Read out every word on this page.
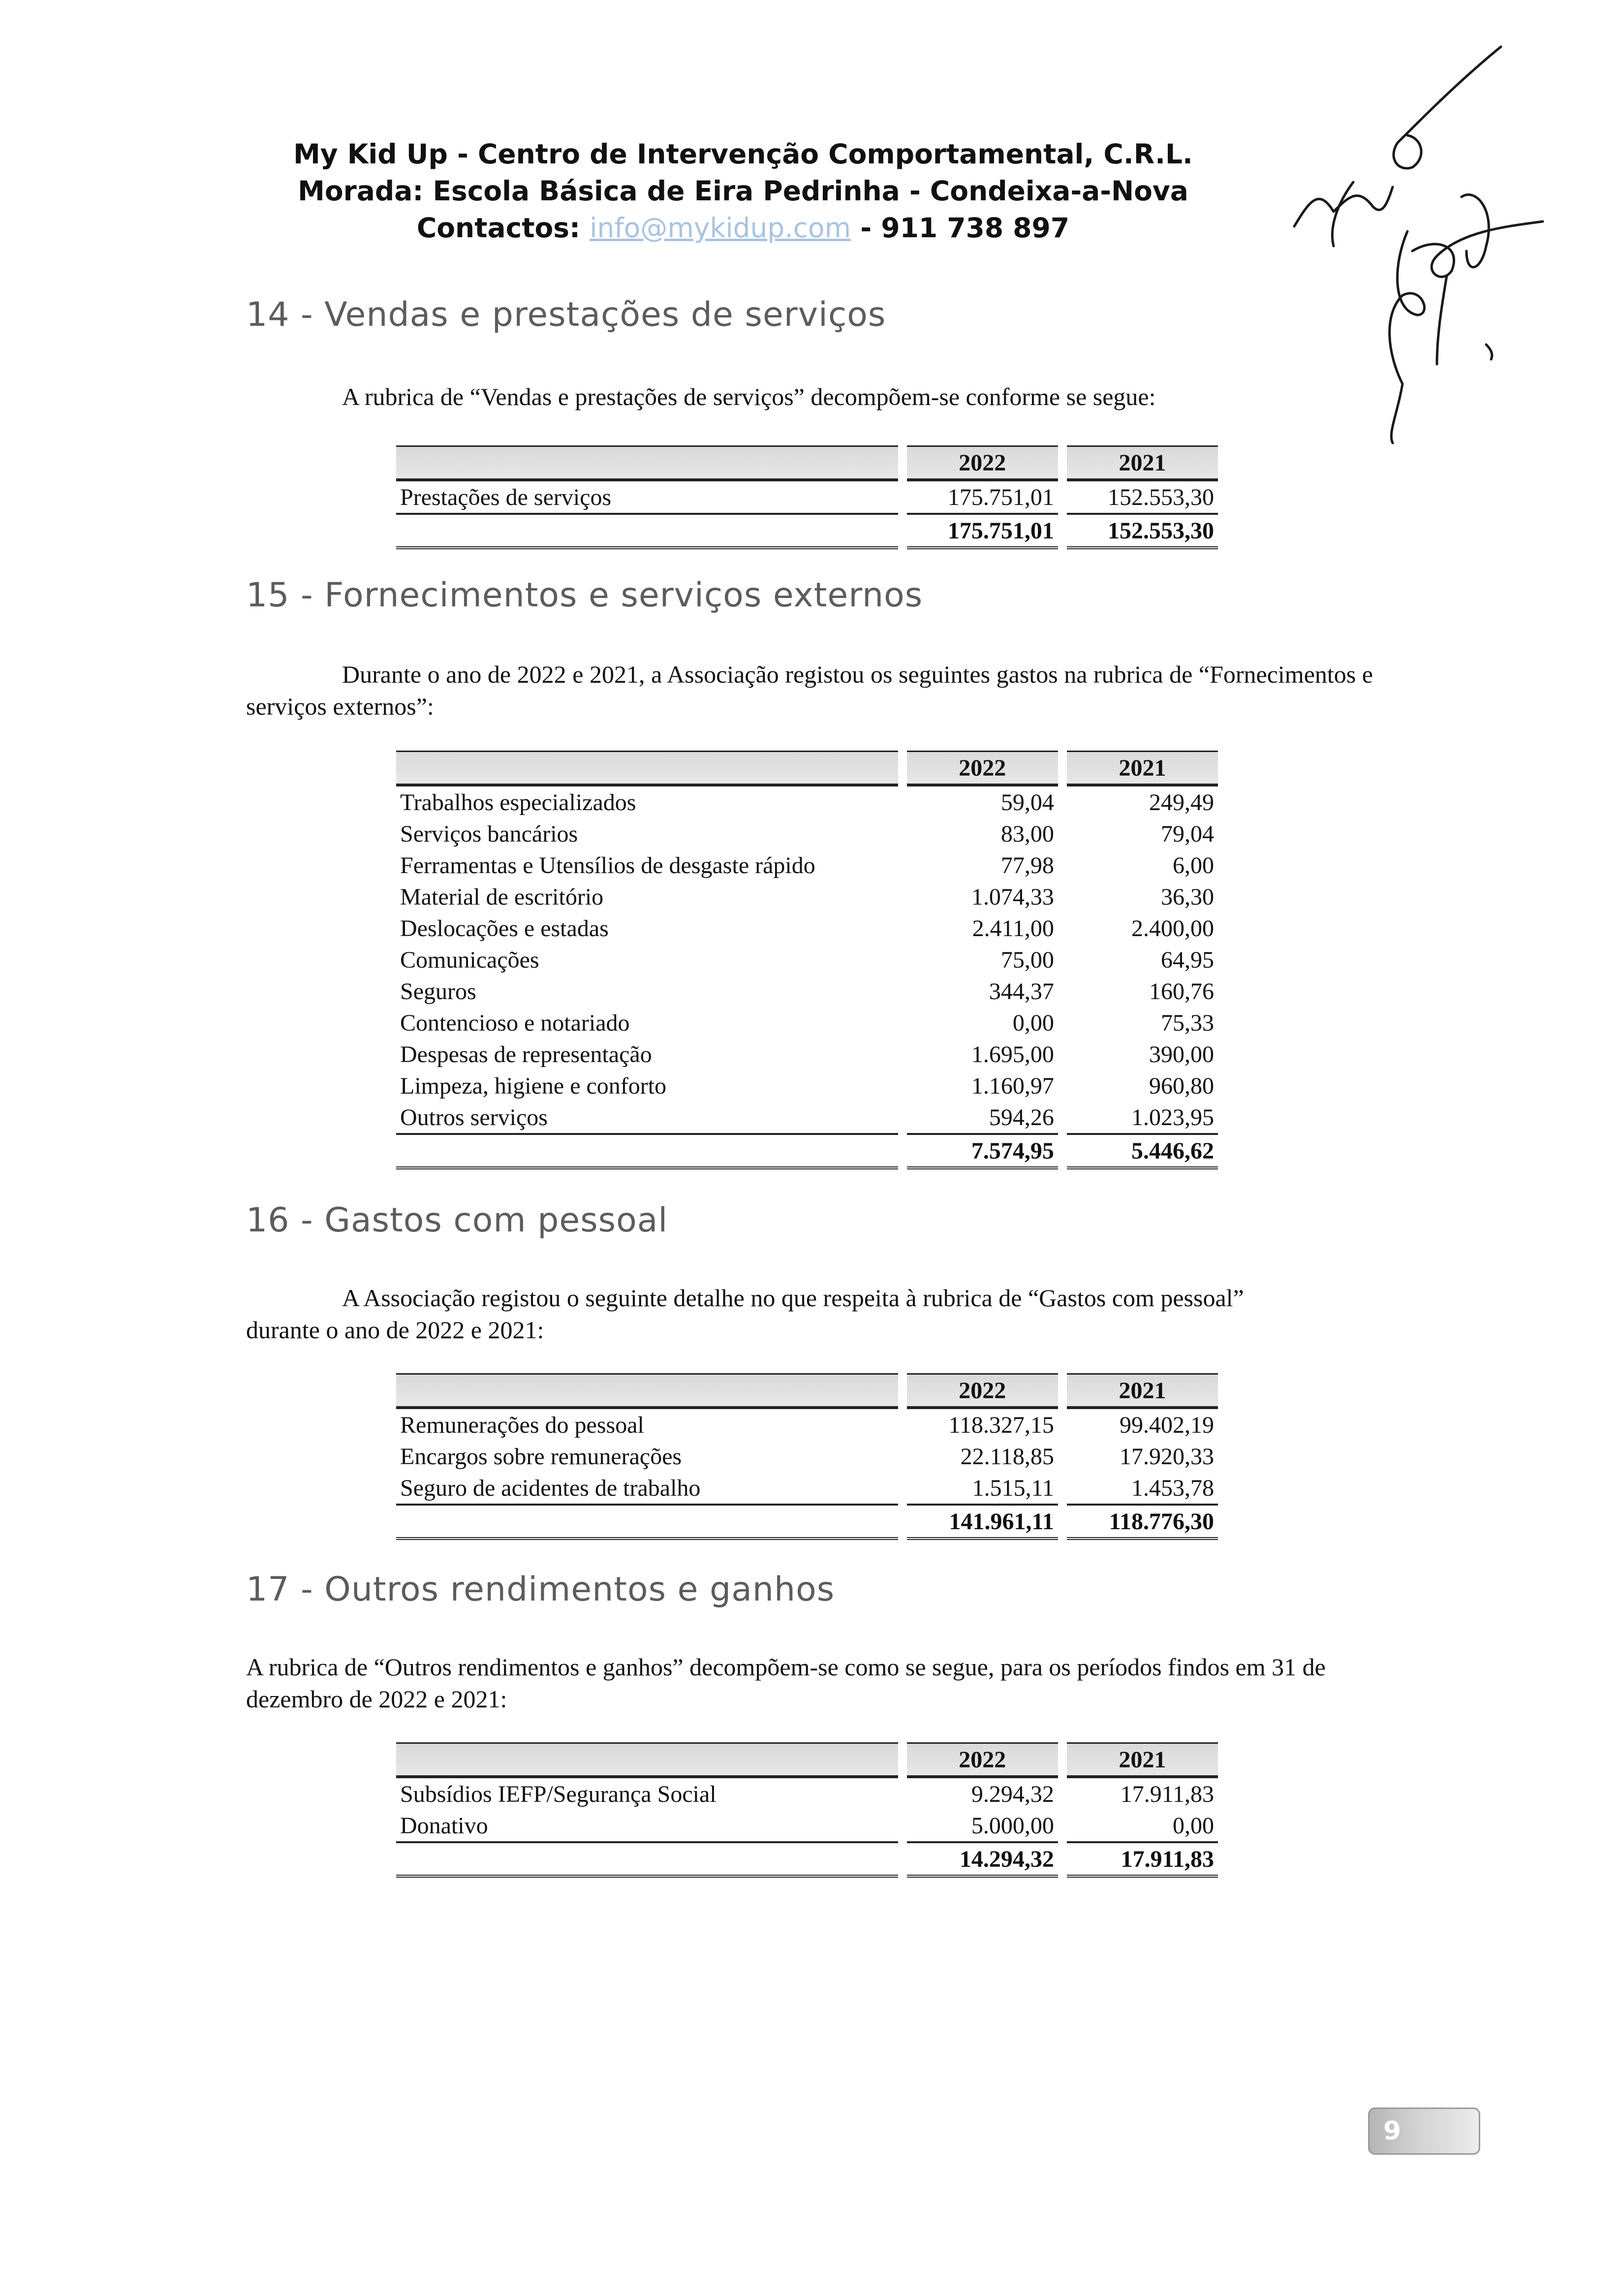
My Kid Up - Centro de Intervenção Comportamental, C.R.L.
Morada: Escola Básica de Eira Pedrinha - Condeixa-a-Nova
Contactos: info@mykidup.com - 911 738 897
14 - Vendas e prestações de serviços
A rubrica de “Vendas e prestações de serviços” decompõem-se conforme se segue:
		2022		2021
Prestações de serviços		175.751,01		152.553,30
		175.751,01		152.553,30
15 - Fornecimentos e serviços externos
Durante o ano de 2022 e 2021, a Associação registou os seguintes gastos na rubrica de “Fornecimentos e serviços externos”:
		2022		2021
Trabalhos especializados		59,04		249,49
Serviços bancários		83,00		79,04
Ferramentas e Utensílios de desgaste rápido		77,98		6,00
Material de escritório		1.074,33		36,30
Deslocações e estadas		2.411,00		2.400,00
Comunicações		75,00		64,95
Seguros		344,37		160,76
Contencioso e notariado		0,00		75,33
Despesas de representação		1.695,00		390,00
Limpeza, higiene e conforto		1.160,97		960,80
Outros serviços		594,26		1.023,95
		7.574,95		5.446,62
16 - Gastos com pessoal
A Associação registou o seguinte detalhe no que respeita à rubrica de “Gastos com pessoal”
durante o ano de 2022 e 2021:
		2022		2021
Remunerações do pessoal		118.327,15		99.402,19
Encargos sobre remunerações		22.118,85		17.920,33
Seguro de acidentes de trabalho		1.515,11		1.453,78
		141.961,11		118.776,30
17 - Outros rendimentos e ganhos
A rubrica de “Outros rendimentos e ganhos” decompõem-se como se segue, para os períodos findos em 31 de dezembro de 2022 e 2021:
		2022		2021
Subsídios IEFP/Segurança Social		9.294,32		17.911,83
Donativo		5.000,00		0,00
		14.294,32		17.911,83
9
